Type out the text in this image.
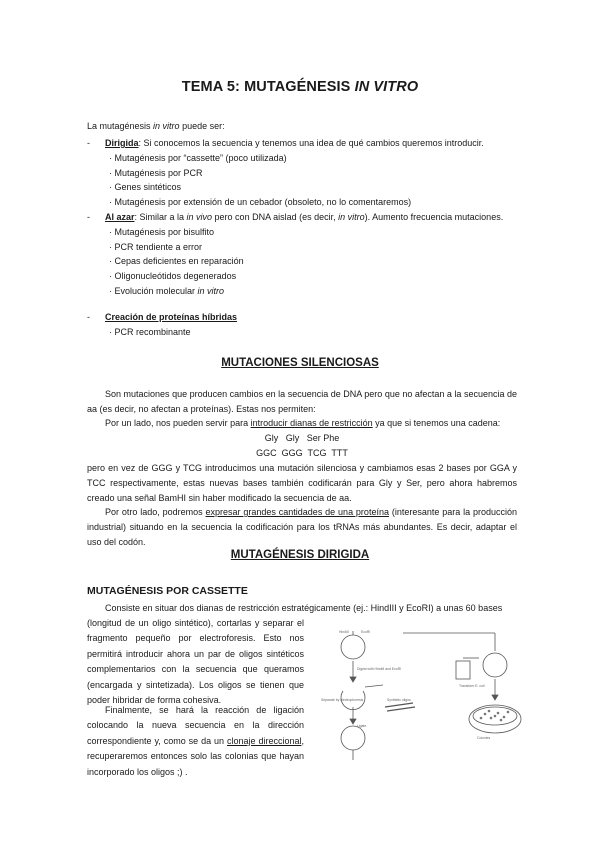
TEMA 5: MUTAGÉNESIS IN VITRO
La mutagénesis in vitro puede ser:
-	Dirigida: Si conocemos la secuencia y tenemos una idea de qué cambios queremos introducir.
· Mutagénesis por “cassette” (poco utilizada)
· Mutagénesis por PCR
· Genes sintéticos
· Mutagénesis por extensión de un cebador (obsoleto, no lo comentaremos)
-	Al azar: Similar a la in vivo pero con DNA aislad (es decir, in vitro). Aumento frecuencia mutaciones.
· Mutagénesis por bisulfito
· PCR tendiente a error
· Cepas deficientes en reparación
· Oligonucleótidos degenerados
· Evolución molecular in vitro
-	Creación de proteínas híbridas
· PCR recombinante
MUTACIONES SILENCIOSAS
Son mutaciones que producen cambios en la secuencia de DNA pero que no afectan a la secuencia de aa (es decir, no afectan a proteínas). Estas nos permiten:
Por un lado, nos pueden servir para introducir dianas de restricción ya que si tenemos una cadena:
Gly   Gly   Ser Phe
GGC  GGG  TCG  TTT
pero en vez de GGG y TCG introducimos una mutación silenciosa y cambiamos esas 2 bases por GGA y TCC respectivamente, estas nuevas bases también codificarán para Gly y Ser, pero ahora habremos creado una señal BamHI sin haber modificado la secuencia de aa.
Por otro lado, podremos expresar grandes cantidades de una proteína (interesante para la producción industrial) situando en la secuencia la codificación para los tRNAs más abundantes. Es decir, adaptar el uso del codón.
MUTAGÉNESIS DIRIGIDA
MUTAGÉNESIS POR CASSETTE
Consiste en situar dos dianas de restricción estratégicamente (ej.: HindIII y EcoRI) a unas 60 bases
(longitud de un oligo sintético), cortarlas y separar el fragmento pequeño por electroforesis. Esto nos permitirá introducir ahora un par de oligos sintéticos complementarios con la secuencia que queramos (encargada y sintetizada). Los oligos se tienen que poder hibridar de forma cohesiva.
Finalmente, se hará la reacción de ligación colocando la nueva secuencia en la dirección correspondiente y, como se da un clonaje direccional, recuperaremos entonces solo las colonias que hayan incorporado los oligos ;) .
HindIII	EcoRI
Digest with HindIII and EcoRI
Separate by electrophoresis	Synthetic oligos
Ligate
Transform E. coli
Colonies
